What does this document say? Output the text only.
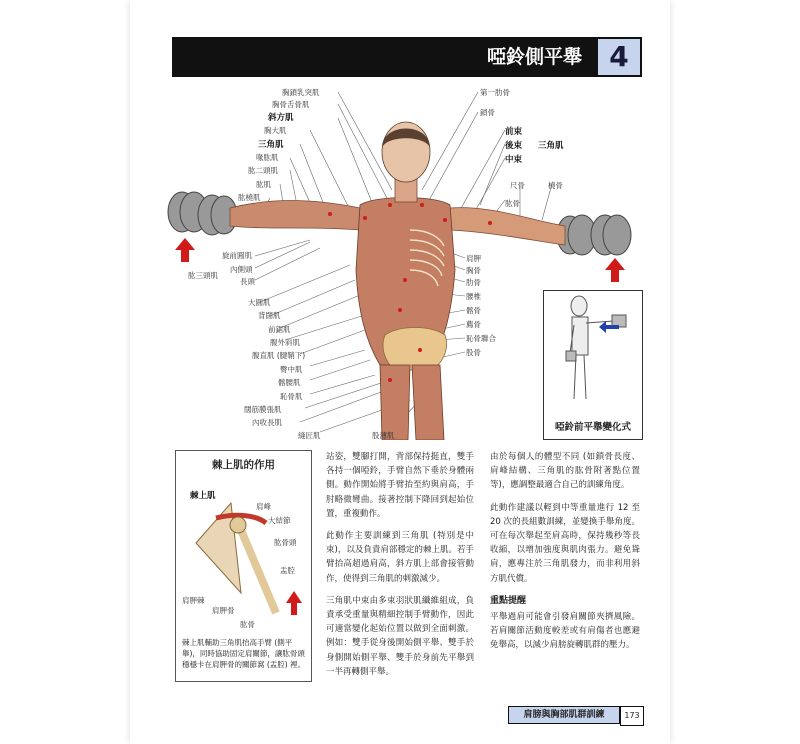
啞鈴側平舉 4
胸鎖乳突肌
胸骨舌骨肌
斜方肌
胸大肌
三角肌
喙肱肌
肱二頭肌
肱肌
肱橈肌
旋前圓肌
內側頭
長頭
肱三頭肌
大圓肌
背闊肌
前鋸肌
腹外斜肌
腹直肌 (腱鞘下)
臀中肌
髂腰肌
恥骨肌
闊筋膜張肌
內收長肌
縫匠肌	股薄肌
第一肋骨
鎖骨
前束
後束
中束
三角肌
尺骨	橈骨
肱骨
肩胛
胸骨
肋骨
腰椎
髂骨
薦骨
恥骨聯合
股骨
啞鈴前平舉變化式
棘上肌的作用
棘上肌
肩峰
大結節
肱骨頭
盂腔
肩胛棘
肩胛骨
肱骨
棘上肌輔助三角肌抬高手臂 (側平舉)，同時協助固定肩關節，讓肱骨頭穩穩卡在肩胛骨的關節窩 (盂腔) 裡。

站姿，雙腳打開，背部保持挺直，雙手各持一個啞鈴，手臂自然下垂於身體兩側。動作開始將手臂抬至約與肩高，手肘略微彎曲。接著控制下降回到起始位置，重複動作。

此動作主要訓練到三角肌 (特別是中束)，以及負責肩部穩定的棘上肌。若手臂抬高超過肩高，斜方肌上部會接管動作，使得到三角肌的刺激減少。

三角肌中束由多束羽狀肌纖維組成，負責承受重量與精細控制手臂動作，因此可適當變化起始位置以做到全面刺激。例如：雙手從身後開始側平舉、雙手於身側開始側平舉、雙手於身前先平舉到一半再轉側平舉。

由於每個人的體型不同 (如鎖骨長度、肩峰結構、三角肌的肱骨附著點位置等)，應調整最適合自己的訓練角度。

此動作建議以輕到中等重量進行 12 至 20 次的長組數訓練，並變換手舉角度。可在每次舉起至肩高時，保持幾秒等長收縮，以增加強度與肌肉張力。避免聳肩，應專注於三角肌發力，而非利用斜方肌代償。

重點提醒

平舉過肩可能會引發肩關節夾擠風險。若肩關節活動度較差或有肩傷者也應避免舉高，以減少肩膀旋轉肌群的壓力。

肩膀與胸部肌群訓練	173
